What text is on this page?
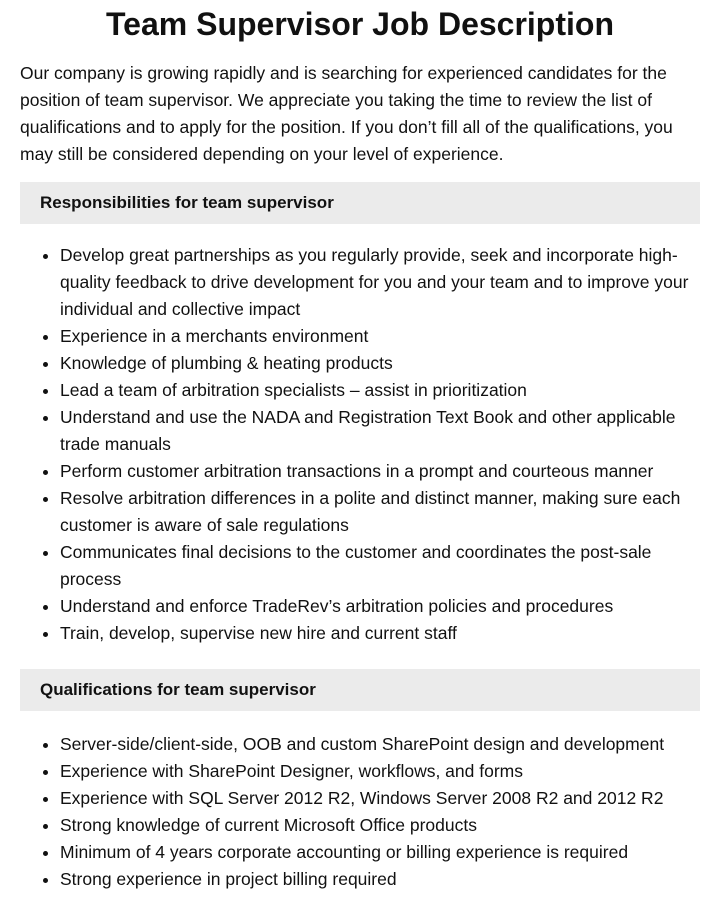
Team Supervisor Job Description

Our company is growing rapidly and is searching for experienced candidates for the position of team supervisor. We appreciate you taking the time to review the list of qualifications and to apply for the position. If you don’t fill all of the qualifications, you may still be considered depending on your level of experience.

Responsibilities for team supervisor
• Develop great partnerships as you regularly provide, seek and incorporate high-quality feedback to drive development for you and your team and to improve your individual and collective impact
• Experience in a merchants environment
• Knowledge of plumbing & heating products
• Lead a team of arbitration specialists – assist in prioritization
• Understand and use the NADA and Registration Text Book and other applicable trade manuals
• Perform customer arbitration transactions in a prompt and courteous manner
• Resolve arbitration differences in a polite and distinct manner, making sure each customer is aware of sale regulations
• Communicates final decisions to the customer and coordinates the post-sale process
• Understand and enforce TradeRev’s arbitration policies and procedures
• Train, develop, supervise new hire and current staff
Qualifications for team supervisor
• Server-side/client-side, OOB and custom SharePoint design and development
• Experience with SharePoint Designer, workflows, and forms
• Experience with SQL Server 2012 R2, Windows Server 2008 R2 and 2012 R2
• Strong knowledge of current Microsoft Office products
• Minimum of 4 years corporate accounting or billing experience is required
• Strong experience in project billing required
